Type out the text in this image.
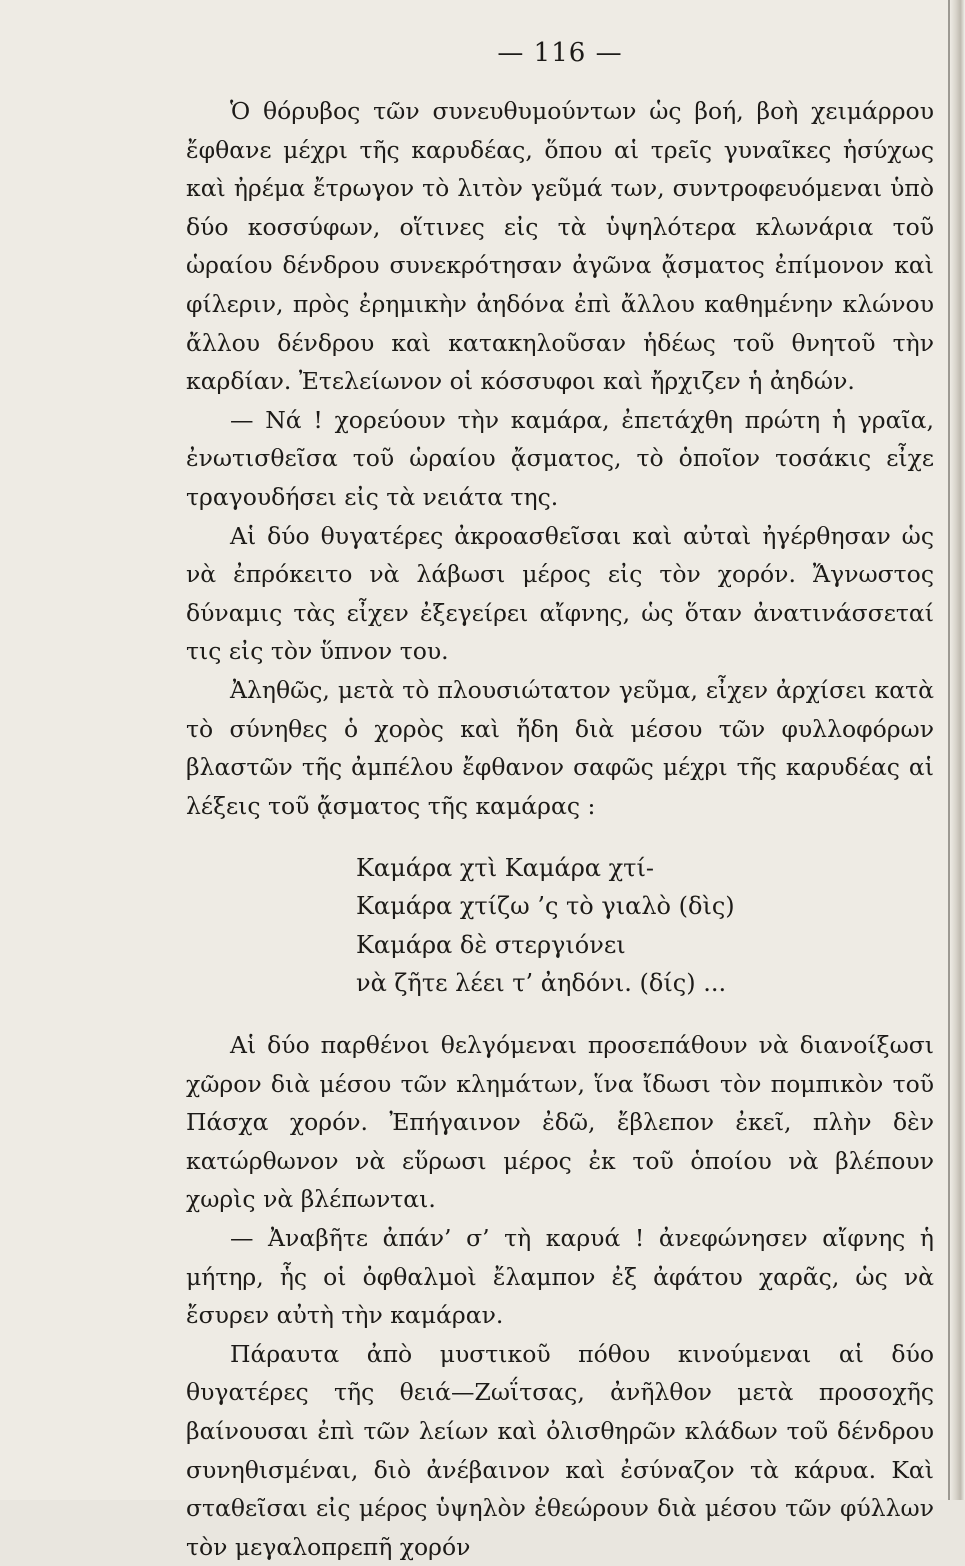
— 116 —

Ὁ θόρυβος τῶν συνευθυμούντων ὡς βοή, βοὴ χειμάρρου ἔφθανε μέχρι τῆς καρυδέας, ὅπου αἱ τρεῖς γυναῖκες ἡσύχως καὶ ἠρέμα ἔτρωγον τὸ λιτὸν γεῦμά των, συντροφευόμεναι ὑπὸ δύο κοσσύφων, οἵτινες εἰς τὰ ὑψηλότερα κλωνάρια τοῦ ὡραίου δένδρου συνεκρότησαν ἀγῶνα ᾄσματος ἐπίμονον καὶ φίλεριν, πρὸς ἐρημικὴν ἀηδόνα ἐπὶ ἄλλου καθημένην κλώνου ἄλλου δένδρου καὶ κατακηλοῦσαν ἡδέως τοῦ θνητοῦ τὴν καρδίαν. Ἐτελείωνον οἱ κόσσυφοι καὶ ἤρχιζεν ἡ ἀηδών.

— Νά ! χορεύουν τὴν καμάρα, ἐπετάχθη πρώτη ἡ γραῖα, ἐνωτισθεῖσα τοῦ ὡραίου ᾄσματος, τὸ ὁποῖον τοσάκις εἶχε τραγουδήσει εἰς τὰ νειάτα της.

Αἱ δύο θυγατέρες ἀκροασθεῖσαι καὶ αὐταὶ ἠγέρθησαν ὡς νὰ ἐπρόκειτο νὰ λάβωσι μέρος εἰς τὸν χορόν. Ἄγνωστος δύναμις τὰς εἶχεν ἐξεγείρει αἴφνης, ὡς ὅταν ἀνατινάσσεταί τις εἰς τὸν ὕπνον του.

Ἀληθῶς, μετὰ τὸ πλουσιώτατον γεῦμα, εἶχεν ἀρχίσει κατὰ τὸ σύνηθες ὁ χορὸς καὶ ἤδη διὰ μέσου τῶν φυλλοφόρων βλαστῶν τῆς ἀμπέλου ἔφθανον σαφῶς μέχρι τῆς καρυδέας αἱ λέξεις τοῦ ᾄσματος τῆς καμάρας :

Καμάρα χτὶ Καμάρα χτί-
Καμάρα χτίζω ’ς τὸ γιαλὸ (δὶς)
Καμάρα δὲ στεργιόνει
νὰ ζῆτε λέει τ’ ἀηδόνι. (δίς) ...

Αἱ δύο παρθένοι θελγόμεναι προσεπάθουν νὰ διανοίξωσι χῶρον διὰ μέσου τῶν κλημάτων, ἵνα ἴδωσι τὸν πομπικὸν τοῦ Πάσχα χορόν. Ἐπήγαινον ἐδῶ, ἔβλεπον ἐκεῖ, πλὴν δὲν κατώρθωνον νὰ εὕρωσι μέρος ἐκ τοῦ ὁποίου νὰ βλέπουν χωρὶς νὰ βλέπωνται.

— Ἀναβῆτε ἀπάν’ σ’ τὴ καρυά ! ἀνεφώνησεν αἴφνης ἡ μήτηρ, ἧς οἱ ὀφθαλμοὶ ἔλαμπον ἐξ ἀφάτου χαρᾶς, ὡς νὰ ἔσυρεν αὐτὴ τὴν καμάραν.

Πάραυτα ἀπὸ μυστικοῦ πόθου κινούμεναι αἱ δύο θυγατέρες τῆς θειά—Ζωΐτσας, ἀνῆλθον μετὰ προσοχῆς βαίνουσαι ἐπὶ τῶν λείων καὶ ὀλισθηρῶν κλάδων τοῦ δένδρου συνηθισμέναι, διὸ ἀνέβαινον καὶ ἐσύναζον τὰ κάρυα. Καὶ σταθεῖσαι εἰς μέρος ὑψηλὸν ἐθεώρουν διὰ μέσου τῶν φύλλων τὸν μεγαλοπρεπῆ χορόν
